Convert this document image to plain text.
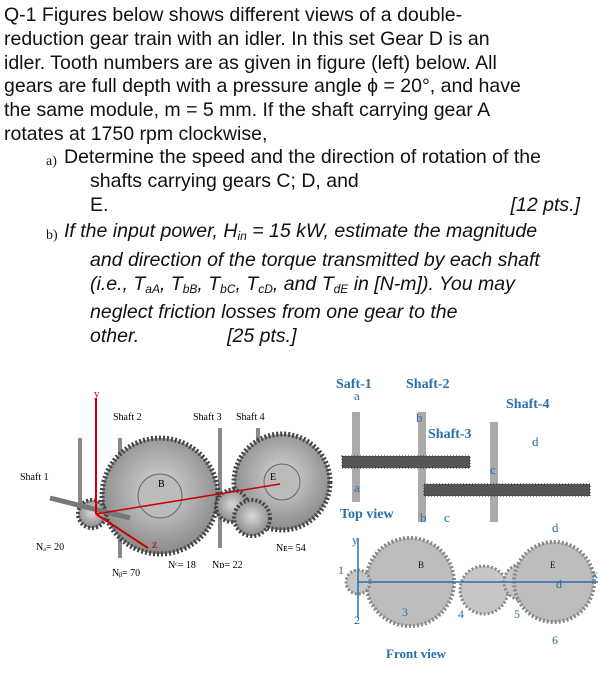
Q-1 Figures below shows different views of a double-

reduction gear train with an idler. In this set Gear D is an

idler. Tooth numbers are as given in figure (left) below. All

gears are full depth with a pressure angle ϕ = 20°, and have

the same module, m = 5 mm. If the shaft carrying gear A

rotates at 1750 rpm clockwise,

a) Determine the speed and the direction of rotation of the
shafts carrying gears C; D, and
E.	[12 pts.]
b) If the input power, $H_{in} = 15$ kW, estimate the magnitude
and direction of the torque transmitted by each shaft
(i.e., $T_{aA}$, $T_{bB}$, $T_{bC}$, $T_{cD}$, and $T_{dE}$ in [N-m]). You may
neglect friction losses from one gear to the
other.	[25 pts.]
y
z
Shaft 1
Shaft 2	Shaft 3 Shaft 4
B
E
Nₐ= 20
Nᵦ= 70
Nᶜ= 18 Nᴅ= 22
Nᴇ= 54
Saft-1 Shaft-2
Shaft-4
Shaft-3
Top view
a
b
c
d
a
b c
d
y
x
d
1
2
3	4	5
6
Front view
B	E
